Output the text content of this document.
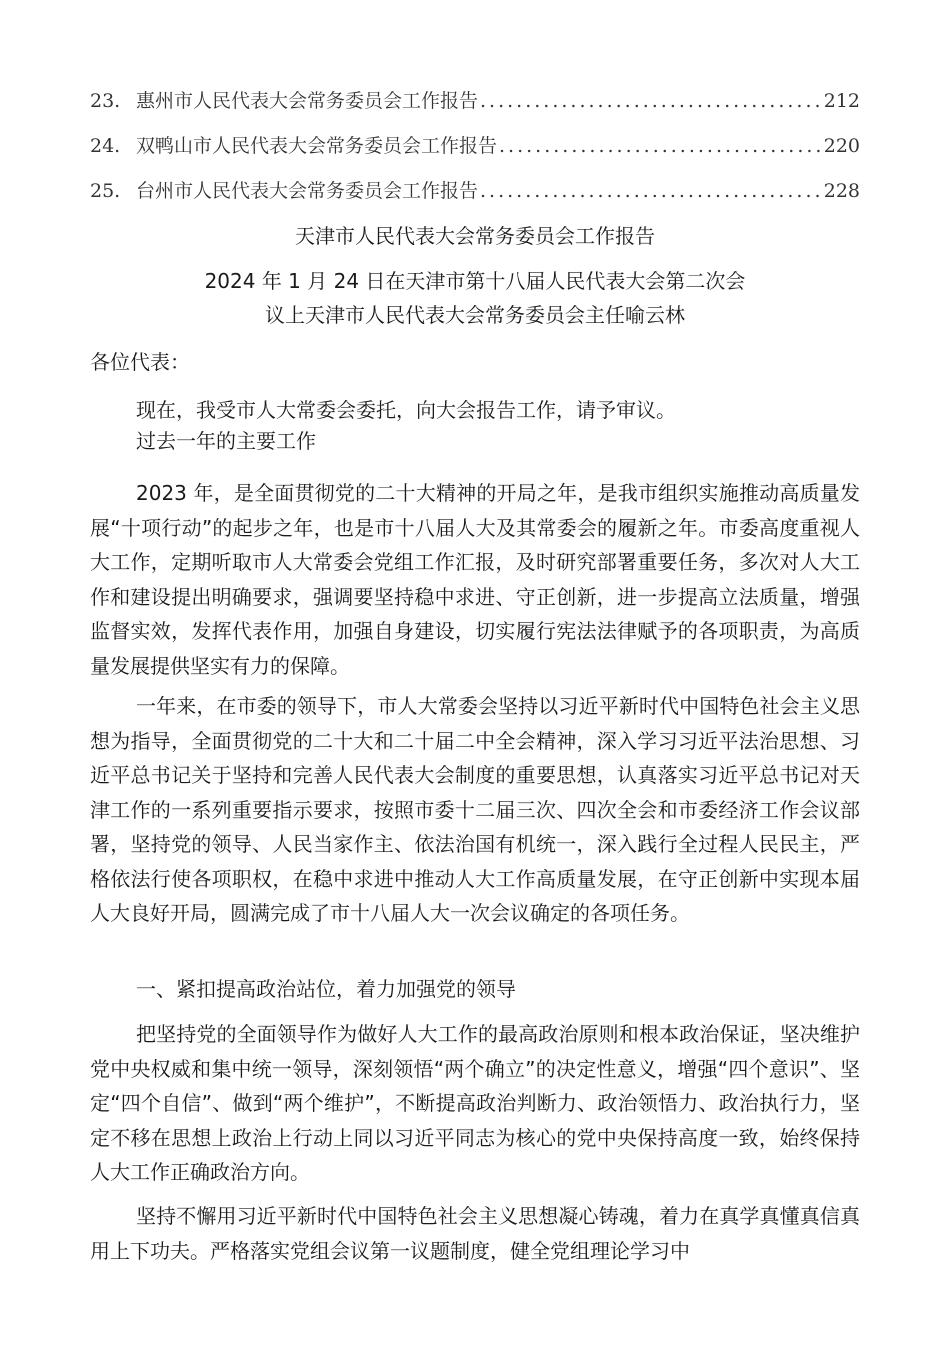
23. 惠州市人民代表大会常务委员会工作报告 .....	212
24. 双鸭山市人民代表大会常务委员会工作报告 .....	220
25. 台州市人民代表大会常务委员会工作报告 .....	228
天津市人民代表大会常务委员会工作报告
2024 年 1 月 24 日在天津市第十八届人民代表大会第二次会
议上天津市人民代表大会常务委员会主任喻云林

各位代表：

现在，我受市人大常委会委托，向大会报告工作，请予审议。

过去一年的主要工作

2023 年，是全面贯彻党的二十大精神的开局之年，是我市组织实施推动高质量发展“十项行动”的起步之年，也是市十八届人大及其常委会的履新之年。市委高度重视人大工作，定期听取市人大常委会党组工作汇报，及时研究部署重要任务，多次对人大工作和建设提出明确要求，强调要坚持稳中求进、守正创新，进一步提高立法质量，增强监督实效，发挥代表作用，加强自身建设，切实履行宪法法律赋予的各项职责，为高质量发展提供坚实有力的保障。

一年来，在市委的领导下，市人大常委会坚持以习近平新时代中国特色社会主义思想为指导，全面贯彻党的二十大和二十届二中全会精神，深入学习习近平法治思想、习近平总书记关于坚持和完善人民代表大会制度的重要思想，认真落实习近平总书记对天津工作的一系列重要指示要求，按照市委十二届三次、四次全会和市委经济工作会议部署，坚持党的领导、人民当家作主、依法治国有机统一，深入践行全过程人民民主，严格依法行使各项职权，在稳中求进中推动人大工作高质量发展，在守正创新中实现本届人大良好开局，圆满完成了市十八届人大一次会议确定的各项任务。

一、紧扣提高政治站位，着力加强党的领导

把坚持党的全面领导作为做好人大工作的最高政治原则和根本政治保证，坚决维护党中央权威和集中统一领导，深刻领悟“两个确立”的决定性意义，增强“四个意识”、坚定“四个自信”、做到“两个维护”，不断提高政治判断力、政治领悟力、政治执行力，坚定不移在思想上政治上行动上同以习近平同志为核心的党中央保持高度一致，始终保持人大工作正确政治方向。

坚持不懈用习近平新时代中国特色社会主义思想凝心铸魂，着力在真学真懂真信真用上下功夫。严格落实党组会议第一议题制度，健全党组理论学习中
